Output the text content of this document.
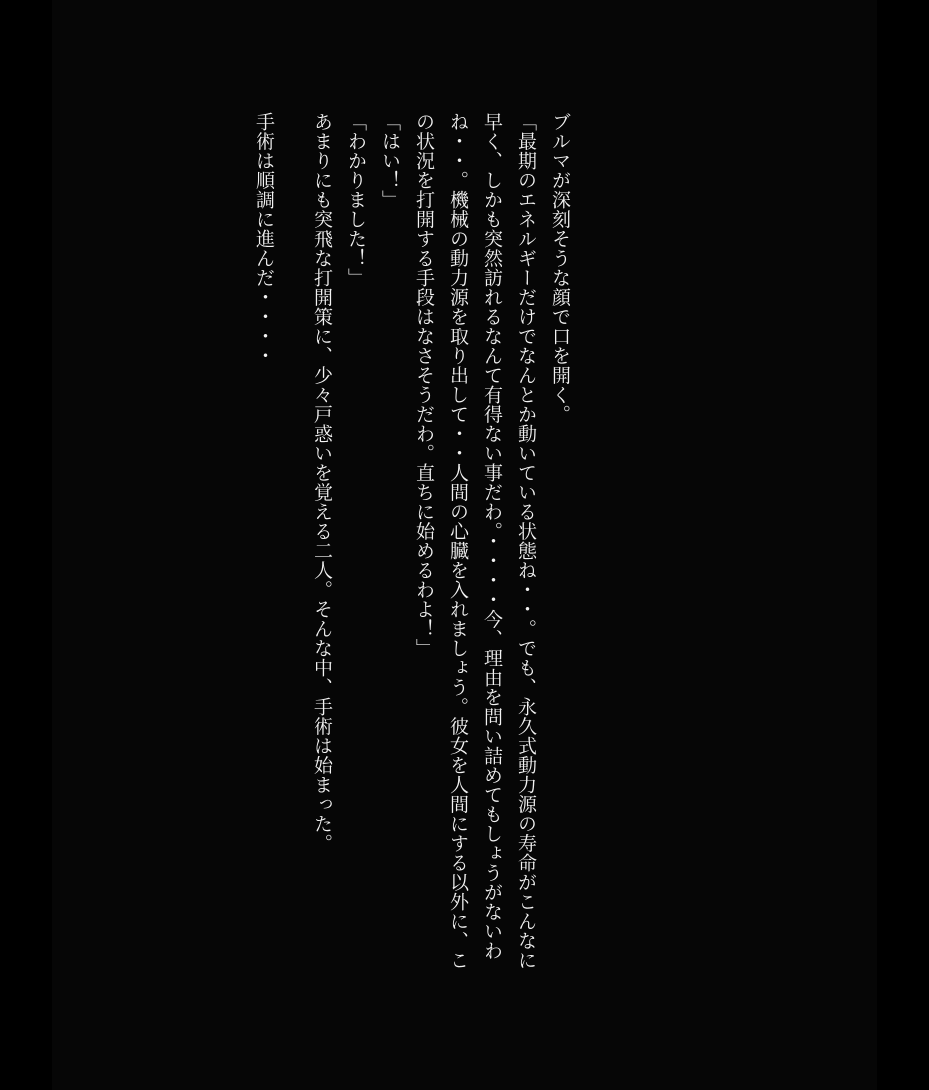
ブルマが深刻そうな顔で口を開く。
「最期のエネルギーだけでなんとか動いている状態ね・・。でも、永久式動力源の寿命がこんなに
早く、しかも突然訪れるなんて有得ない事だわ。・・・・今、理由を問い詰めてもしょうがないわ
ね・・。機械の動力源を取り出して・・人間の心臓を入れましょう。彼女を人間にする以外に、こ
の状況を打開する手段はなさそうだわ。直ちに始めるわよ！」
「はい！」
「わかりました！」
あまりにも突飛な打開策に、少々戸惑いを覚える二人。そんな中、手術は始まった。
手術は順調に進んだ・・・・
